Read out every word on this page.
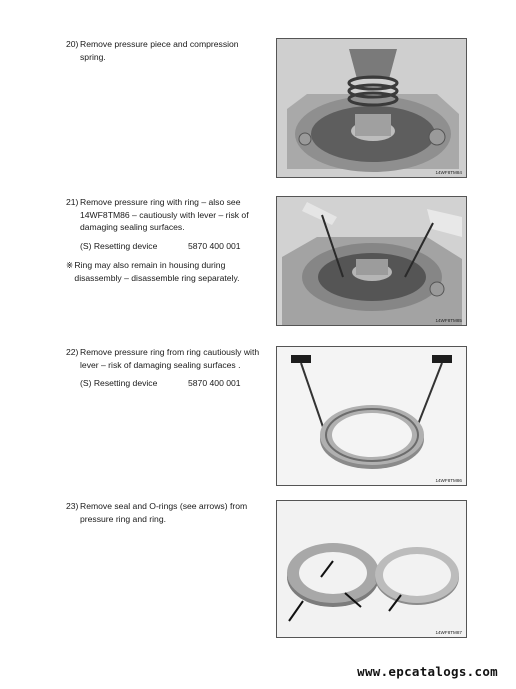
20) Remove pressure piece and compression spring.

14WF8TM84
21) Remove pressure ring with ring – also see 14WF8TM86 – cautiously with lever – risk of damaging sealing surfaces.

(S) Resetting device	5870 400 001
※ Ring may also remain in housing during disassembly – disassemble ring separately.
14WF8TM85
22) Remove pressure ring from ring cautiously with lever – risk of damaging sealing surfaces .

(S) Resetting device	5870 400 001
14WF8TM86
23) Remove seal and O-rings (see arrows) from pressure ring and ring.

14WF8TM87
www.epcatalogs.com
